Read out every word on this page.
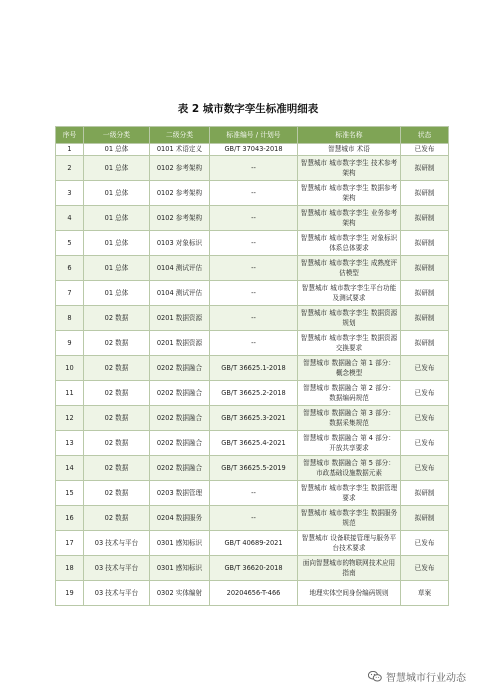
表 2 城市数字孪生标准明细表
序号	一级分类	二级分类	标准编号 / 计划号	标准名称	状态
1	01 总体	0101 术语定义	GB/T 37043-2018	智慧城市 术语	已发布
2	01 总体	0102 参考架构	--	智慧城市 城市数字孪生 技术参考架构	拟研制
3	01 总体	0102 参考架构	--	智慧城市 城市数字孪生 数据参考架构	拟研制
4	01 总体	0102 参考架构	--	智慧城市 城市数字孪生 业务参考架构	拟研制
5	01 总体	0103 对象标识	--	智慧城市 城市数字孪生 对象标识体系总体要求	拟研制
6	01 总体	0104 测试评估	--	智慧城市 城市数字孪生 成熟度评估模型	拟研制
7	01 总体	0104 测试评估	--	智慧城市 城市数字孪生平台功能及测试要求	拟研制
8	02 数据	0201 数据资源	--	智慧城市 城市数字孪生 数据资源规划	拟研制
9	02 数据	0201 数据资源	--	智慧城市 城市数字孪生 数据资源交换要求	拟研制
10	02 数据	0202 数据融合	GB/T 36625.1-2018	智慧城市 数据融合 第 1 部分：概念模型	已发布
11	02 数据	0202 数据融合	GB/T 36625.2-2018	智慧城市 数据融合 第 2 部分：数据编码规范	已发布
12	02 数据	0202 数据融合	GB/T 36625.3-2021	智慧城市 数据融合 第 3 部分：数据采集规范	已发布
13	02 数据	0202 数据融合	GB/T 36625.4-2021	智慧城市 数据融合 第 4 部分：开放共享要求	已发布
14	02 数据	0202 数据融合	GB/T 36625.5-2019	智慧城市 数据融合 第 5 部分：市政基础设施数据元素	已发布
15	02 数据	0203 数据管理	--	智慧城市 城市数字孪生 数据管理要求	拟研制
16	02 数据	0204 数据服务	--	智慧城市 城市数字孪生 数据服务规范	拟研制
17	03 技术与平台	0301 感知标识	GB/T 40689-2021	智慧城市 设备联接管理与服务平台技术要求	已发布
18	03 技术与平台	0301 感知标识	GB/T 36620-2018	面向智慧城市的物联网技术应用指南	已发布
19	03 技术与平台	0302 实体编射	20204656-T-466	地理实体空间身份编码规则	草案
智慧城市行业动态
